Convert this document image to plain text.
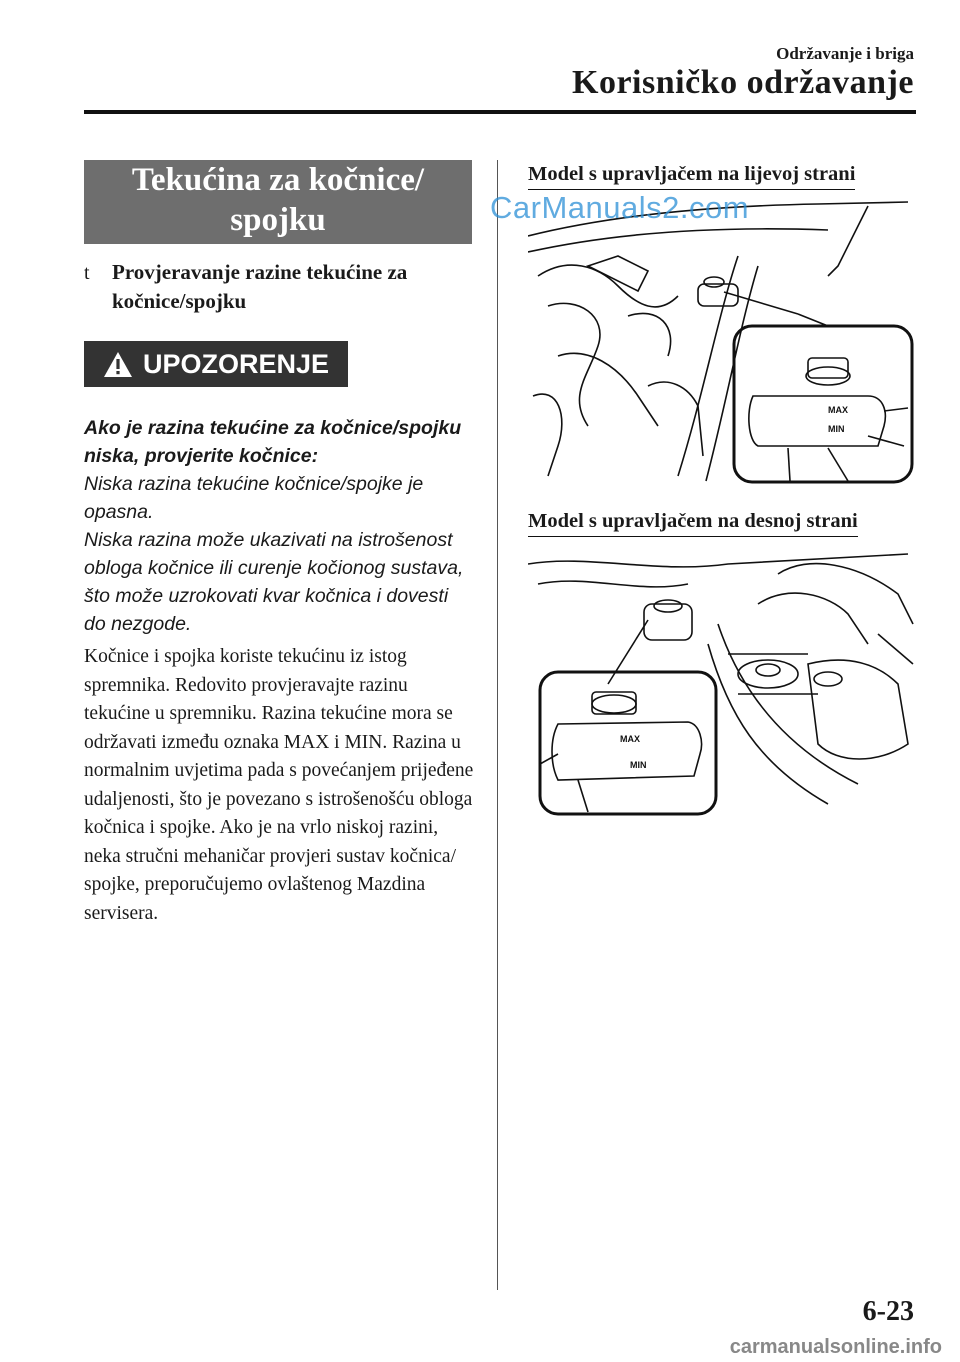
Održavanje i briga
Korisničko održavanje
Tekućina za kočnice/
spojku
t Provjeravanje razine tekućine za kočnice/spojku
UPOZORENJE
Ako je razina tekućine za kočnice/spojku niska, provjerite kočnice:
Niska razina tekućine kočnice/spojke je opasna.
Niska razina može ukazivati na istrošenost obloga kočnice ili curenje kočionog sustava, što može uzrokovati kvar kočnica i dovesti do nezgode.
Kočnice i spojka koriste tekućinu iz istog spremnika. Redovito provjeravajte razinu tekućine u spremniku. Razina tekućine mora se održavati između oznaka MAX i MIN. Razina u normalnim uvjetima pada s povećanjem prijeđene udaljenosti, što je povezano s istrošenošću obloga kočnica i spojke. Ako je na vrlo niskoj razini, neka stručni mehaničar provjeri sustav kočnica/ spojke, preporučujemo ovlaštenog Mazdina servisera.
Model s upravljačem na lijevoj strani
MAX
MIN
Model s upravljačem na desnoj strani
MAX
MIN
CarManuals2.com
6-23
carmanualsonline.info
